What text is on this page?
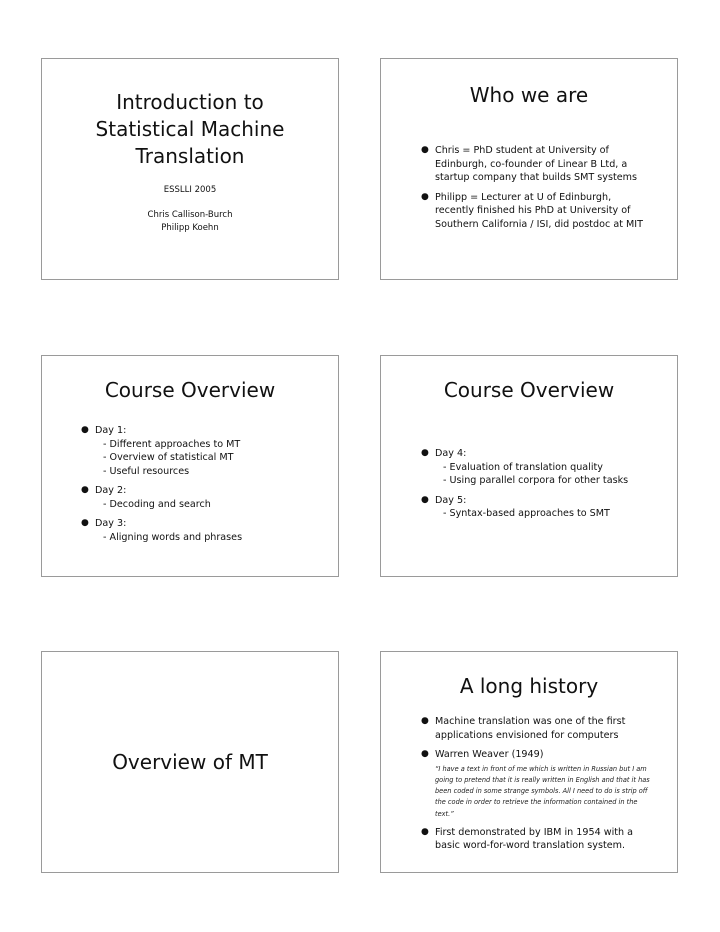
Introduction to
Statistical Machine
Translation
ESSLLI 2005
Chris Callison-Burch
Philipp Koehn
Who we are
● Chris = PhD student at University of
Edinburgh, co-founder of Linear B Ltd, a
startup company that builds SMT systems
● Philipp = Lecturer at U of Edinburgh,
recently finished his PhD at University of
Southern California / ISI, did postdoc at MIT
Course Overview
● Day 1:
- Different approaches to MT
- Overview of statistical MT
- Useful resources
● Day 2:
- Decoding and search
● Day 3:
- Aligning words and phrases
Course Overview
● Day 4:
- Evaluation of translation quality
- Using parallel corpora for other tasks
● Day 5:
- Syntax-based approaches to SMT
Overview of MT
A long history
● Machine translation was one of the first
applications envisioned for computers
● Warren Weaver (1949)
“I have a text in front of me which is written in Russian but I am
going to pretend that it is really written in English and that it has
been coded in some strange symbols. All I need to do is strip off
the code in order to retrieve the information contained in the
text.”
● First demonstrated by IBM in 1954 with a
basic word-for-word translation system.
